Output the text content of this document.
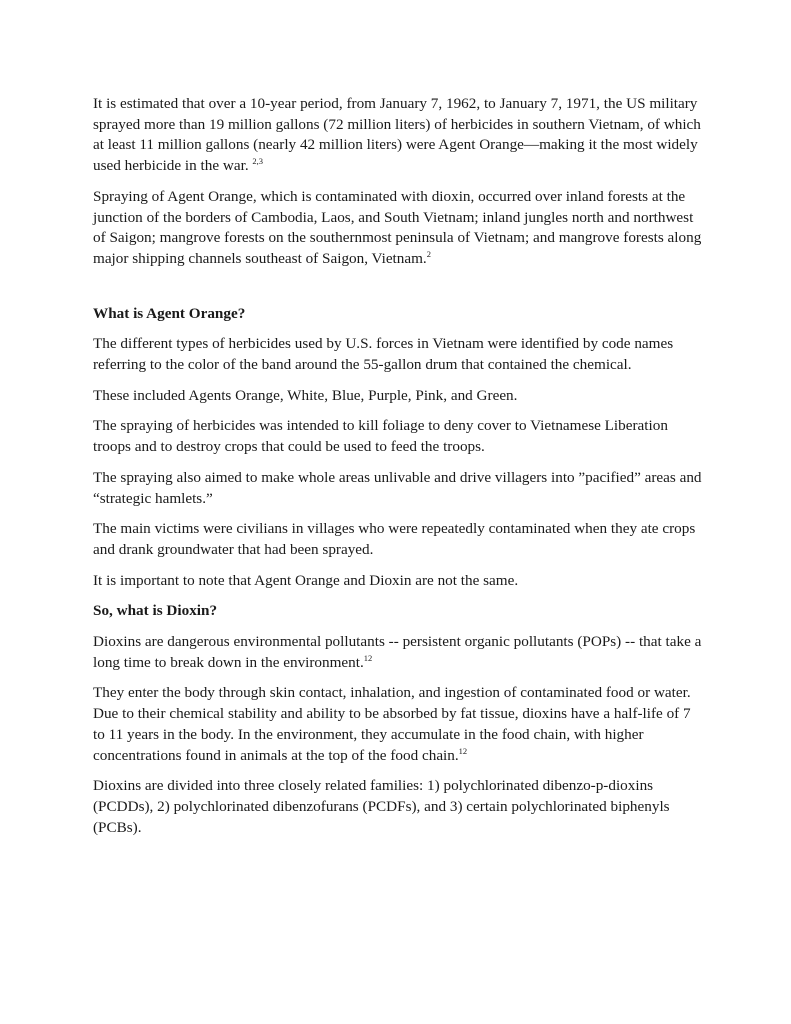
It is estimated that over a 10-year period, from January 7, 1962, to January 7, 1971, the US military sprayed more than 19 million gallons (72 million liters) of herbicides in southern Vietnam, of which at least 11 million gallons (nearly 42 million liters) were Agent Orange—making it the most widely used herbicide in the war. $^{2,3}$

Spraying of Agent Orange, which is contaminated with dioxin, occurred over inland forests at the junction of the borders of Cambodia, Laos, and South Vietnam; inland jungles north and northwest of Saigon; mangrove forests on the southernmost peninsula of Vietnam; and mangrove forests along major shipping channels southeast of Saigon, Vietnam.$^2$

What is Agent Orange?

The different types of herbicides used by U.S. forces in Vietnam were identified by code names referring to the color of the band around the 55-gallon drum that contained the chemical.

These included Agents Orange, White, Blue, Purple, Pink, and Green.

The spraying of herbicides was intended to kill foliage to deny cover to Vietnamese Liberation troops and to destroy crops that could be used to feed the troops.

The spraying also aimed to make whole areas unlivable and drive villagers into ”pacified” areas and “strategic hamlets.”

The main victims were civilians in villages who were repeatedly contaminated when they ate crops and drank groundwater that had been sprayed.

It is important to note that Agent Orange and Dioxin are not the same.

So, what is Dioxin?

Dioxins are dangerous environmental pollutants -- persistent organic pollutants (POPs) -- that take a long time to break down in the environment.$^{12}$

They enter the body through skin contact, inhalation, and ingestion of contaminated food or water. Due to their chemical stability and ability to be absorbed by fat tissue, dioxins have a half-life of 7 to 11 years in the body. In the environment, they accumulate in the food chain, with higher concentrations found in animals at the top of the food chain.$^{12}$

Dioxins are divided into three closely related families: 1) polychlorinated dibenzo-p-dioxins (PCDDs), 2) polychlorinated dibenzofurans (PCDFs), and 3) certain polychlorinated biphenyls (PCBs).
